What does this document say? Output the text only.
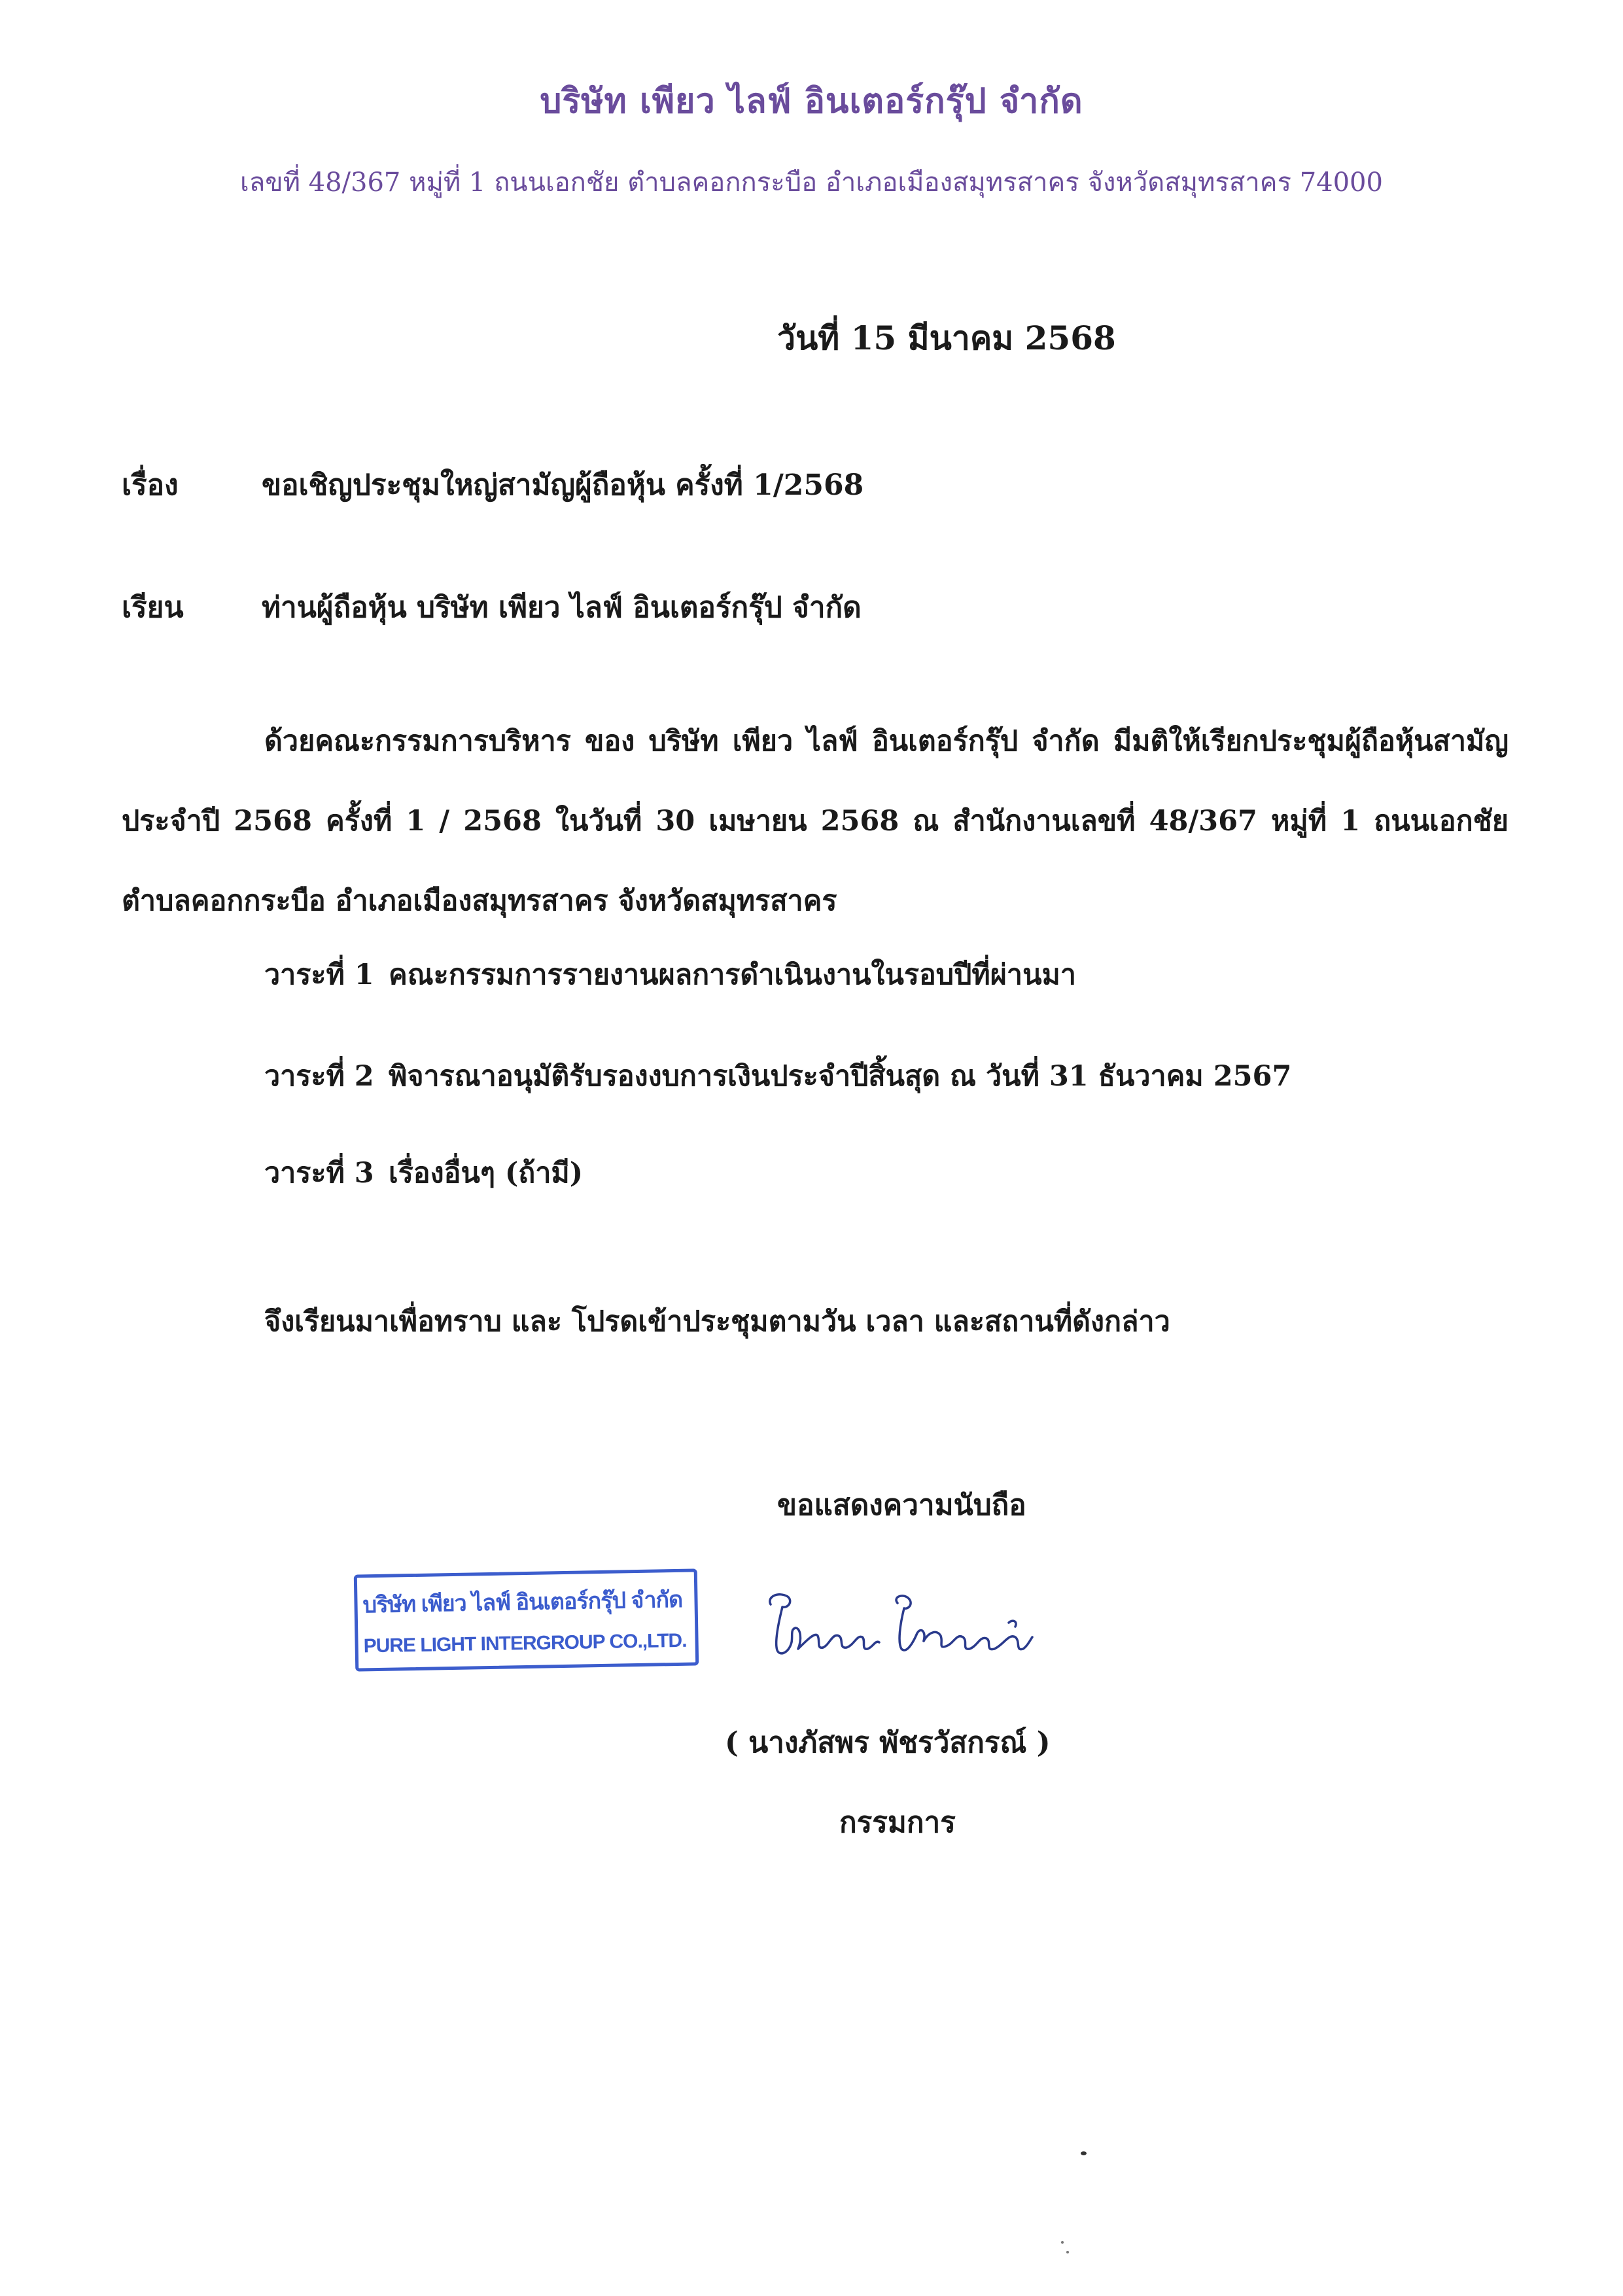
บริษัท เพียว ไลฟ์ อินเตอร์กรุ๊ป จำกัด
เลขที่ 48/367 หมู่ที่ 1 ถนนเอกชัย ตำบลคอกกระบือ อำเภอเมืองสมุทรสาคร จังหวัดสมุทรสาคร 74000
วันที่ 15 มีนาคม 2568
เรื่อง	ขอเชิญประชุมใหญ่สามัญผู้ถือหุ้น ครั้งที่ 1/2568
เรียน	ท่านผู้ถือหุ้น บริษัท เพียว ไลฟ์ อินเตอร์กรุ๊ป จำกัด
ด้วยคณะกรรมการบริหาร ของ บริษัท เพียว ไลฟ์ อินเตอร์กรุ๊ป จำกัด มีมติให้เรียกประชุมผู้ถือหุ้นสามัญประจำปี 2568 ครั้งที่ 1 / 2568 ในวันที่ 30 เมษายน 2568 ณ สำนักงานเลขที่ 48/367 หมู่ที่ 1 ถนนเอกชัย ตำบลคอกกระบือ อำเภอเมืองสมุทรสาคร จังหวัดสมุทรสาคร
วาระที่ 1 คณะกรรมการรายงานผลการดำเนินงานในรอบปีที่ผ่านมา
วาระที่ 2 พิจารณาอนุมัติรับรองงบการเงินประจำปีสิ้นสุด ณ วันที่ 31 ธันวาคม 2567
วาระที่ 3 เรื่องอื่นๆ (ถ้ามี)
จึงเรียนมาเพื่อทราบ และ โปรดเข้าประชุมตามวัน เวลา และสถานที่ดังกล่าว
ขอแสดงความนับถือ
บริษัท เพียว ไลฟ์ อินเตอร์กรุ๊ป จำกัด
PURE LIGHT INTERGROUP CO.,LTD.
( นางภัสพร พัชรวัสกรณ์ )
กรรมการ
